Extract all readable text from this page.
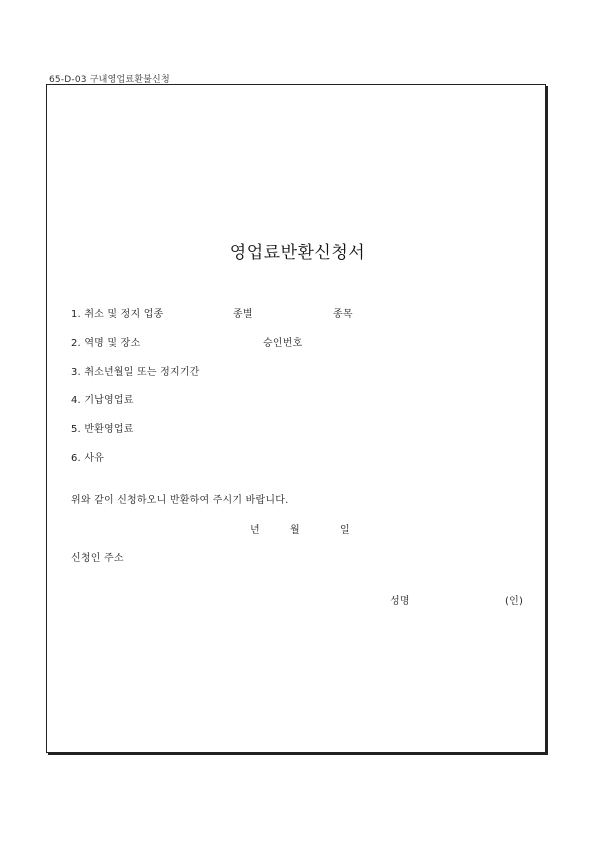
65-D-03 구내영업료환불신청
영업료반환신청서
1. 취소 및 정지 업종	종별	종목
2. 역명 및 장소	승인번호
3. 취소년월일 또는 정지기간
4. 기납영업료
5. 반환영업료
6. 사유
위와 같이 신청하오니 반환하여 주시기 바랍니다.
년	월	일
신청인 주소
성명	(인)
